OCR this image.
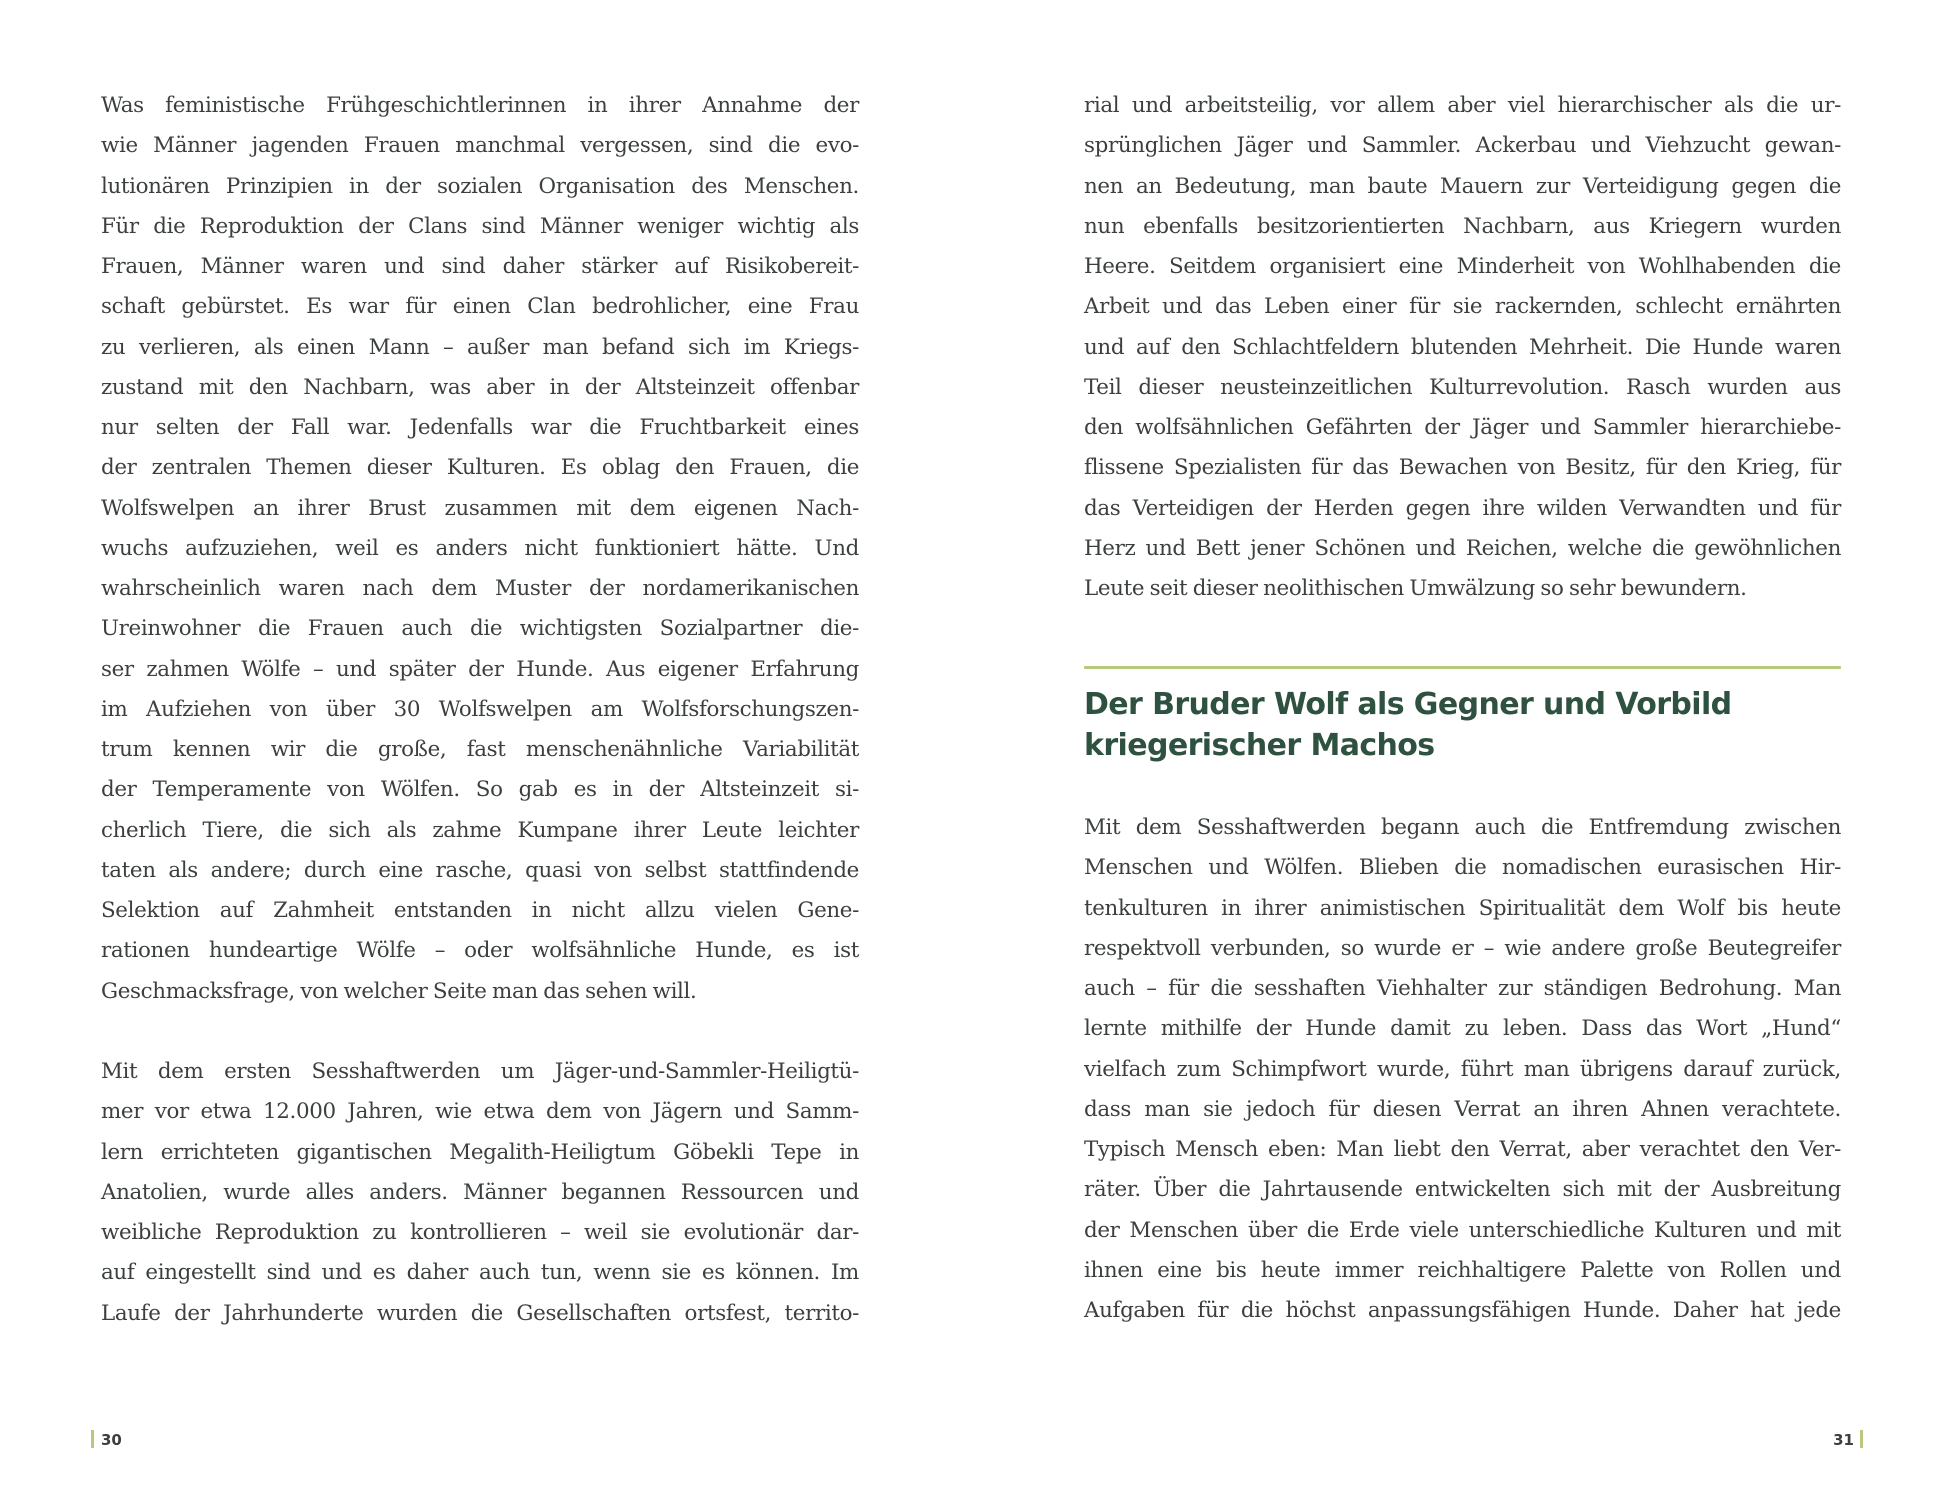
Was feministische Frühgeschichtlerinnen in ihrer Annahme der
wie Männer jagenden Frauen manchmal vergessen, sind die evo-
lutionären Prinzipien in der sozialen Organisation des Menschen.
Für die Reproduktion der Clans sind Männer weniger wichtig als
Frauen, Männer waren und sind daher stärker auf Risikobereit-
schaft gebürstet. Es war für einen Clan bedrohlicher, eine Frau
zu verlieren, als einen Mann – außer man befand sich im Kriegs-
zustand mit den Nachbarn, was aber in der Altsteinzeit offenbar
nur selten der Fall war. Jedenfalls war die Fruchtbarkeit eines
der zentralen Themen dieser Kulturen. Es oblag den Frauen, die
Wolfswelpen an ihrer Brust zusammen mit dem eigenen Nach-
wuchs aufzuziehen, weil es anders nicht funktioniert hätte. Und
wahrscheinlich waren nach dem Muster der nordamerikanischen
Ureinwohner die Frauen auch die wichtigsten Sozialpartner die-
ser zahmen Wölfe – und später der Hunde. Aus eigener Erfahrung
im Aufziehen von über 30 Wolfswelpen am Wolfsforschungszen-
trum kennen wir die große, fast menschenähnliche Variabilität
der Temperamente von Wölfen. So gab es in der Altsteinzeit si-
cherlich Tiere, die sich als zahme Kumpane ihrer Leute leichter
taten als andere; durch eine rasche, quasi von selbst stattfindende
Selektion auf Zahmheit entstanden in nicht allzu vielen Gene-
rationen hundeartige Wölfe – oder wolfsähnliche Hunde, es ist
Geschmacksfrage, von welcher Seite man das sehen will.
Mit dem ersten Sesshaftwerden um Jäger-und-Sammler-Heiligtü-
mer vor etwa 12.000 Jahren, wie etwa dem von Jägern und Samm-
lern errichteten gigantischen Megalith-Heiligtum Göbekli Tepe in
Anatolien, wurde alles anders. Männer begannen Ressourcen und
weibliche Reproduktion zu kontrollieren – weil sie evolutionär dar-
auf eingestellt sind und es daher auch tun, wenn sie es können. Im
Laufe der Jahrhunderte wurden die Gesellschaften ortsfest, territo-
30
rial und arbeitsteilig, vor allem aber viel hierarchischer als die ur-
sprünglichen Jäger und Sammler. Ackerbau und Viehzucht gewan-
nen an Bedeutung, man baute Mauern zur Verteidigung gegen die
nun ebenfalls besitzorientierten Nachbarn, aus Kriegern wurden
Heere. Seitdem organisiert eine Minderheit von Wohlhabenden die
Arbeit und das Leben einer für sie rackernden, schlecht ernährten
und auf den Schlachtfeldern blutenden Mehrheit. Die Hunde waren
Teil dieser neusteinzeitlichen Kulturrevolution. Rasch wurden aus
den wolfsähnlichen Gefährten der Jäger und Sammler hierarchiebe-
flissene Spezialisten für das Bewachen von Besitz, für den Krieg, für
das Verteidigen der Herden gegen ihre wilden Verwandten und für
Herz und Bett jener Schönen und Reichen, welche die gewöhnlichen
Leute seit dieser neolithischen Umwälzung so sehr bewundern.
Der Bruder Wolf als Gegner und Vorbild
kriegerischer Machos
Mit dem Sesshaftwerden begann auch die Entfremdung zwischen
Menschen und Wölfen. Blieben die nomadischen eurasischen Hir-
tenkulturen in ihrer animistischen Spiritualität dem Wolf bis heute
respektvoll verbunden, so wurde er – wie andere große Beutegreifer
auch – für die sesshaften Viehhalter zur ständigen Bedrohung. Man
lernte mithilfe der Hunde damit zu leben. Dass das Wort „Hund“
vielfach zum Schimpfwort wurde, führt man übrigens darauf zurück,
dass man sie jedoch für diesen Verrat an ihren Ahnen verachtete.
Typisch Mensch eben: Man liebt den Verrat, aber verachtet den Ver-
räter. Über die Jahrtausende entwickelten sich mit der Ausbreitung
der Menschen über die Erde viele unterschiedliche Kulturen und mit
ihnen eine bis heute immer reichhaltigere Palette von Rollen und
Aufgaben für die höchst anpassungsfähigen Hunde. Daher hat jede
31
